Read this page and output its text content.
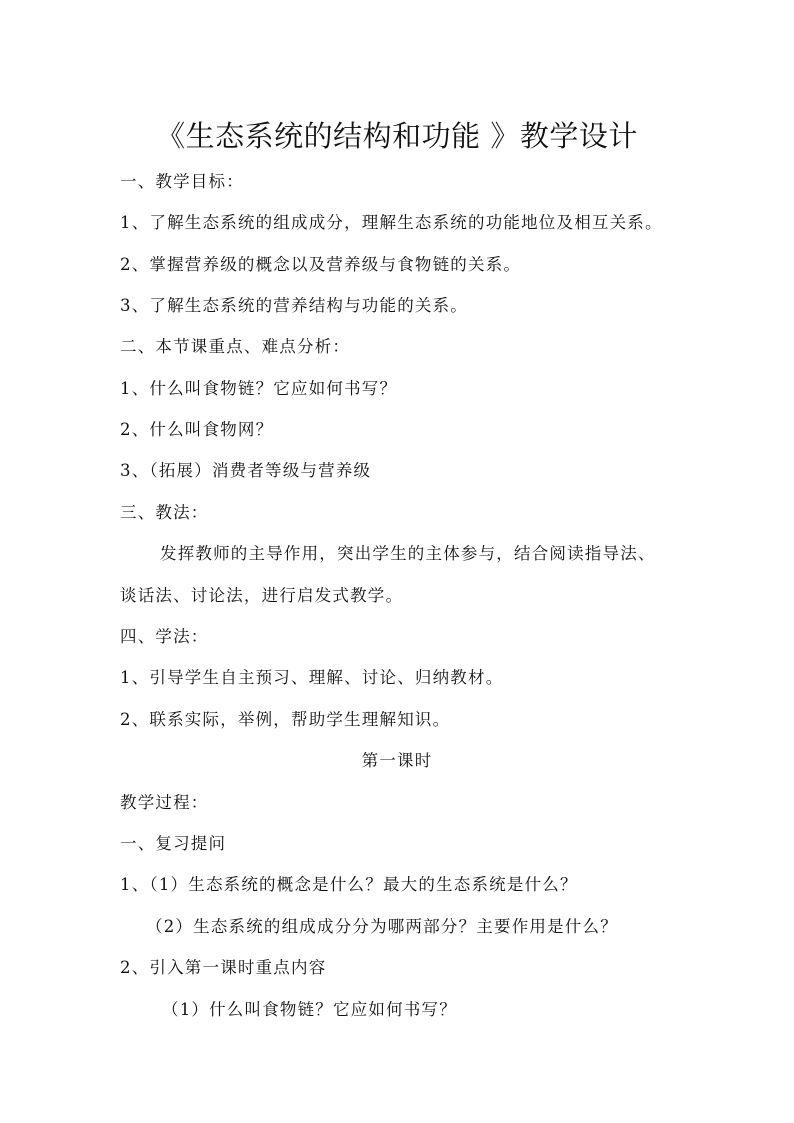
《生态系统的结构和功能 》教学设计
一、教学目标：
1、了解生态系统的组成成分，理解生态系统的功能地位及相互关系。
2、掌握营养级的概念以及营养级与食物链的关系。
3、了解生态系统的营养结构与功能的关系。
二、本节课重点、难点分析：
1、什么叫食物链？它应如何书写？
2、什么叫食物网？
3、（拓展）消费者等级与营养级
三、教法：
发挥教师的主导作用，突出学生的主体参与，结合阅读指导法、
谈话法、讨论法，进行启发式教学。
四、学法：
1、引导学生自主预习、理解、讨论、归纳教材。
2、联系实际，举例，帮助学生理解知识。
第一课时
教学过程：
一、复习提问
1、（1）生态系统的概念是什么？最大的生态系统是什么？
（2）生态系统的组成成分分为哪两部分？主要作用是什么？
2、引入第一课时重点内容
（1）什么叫食物链？它应如何书写？
